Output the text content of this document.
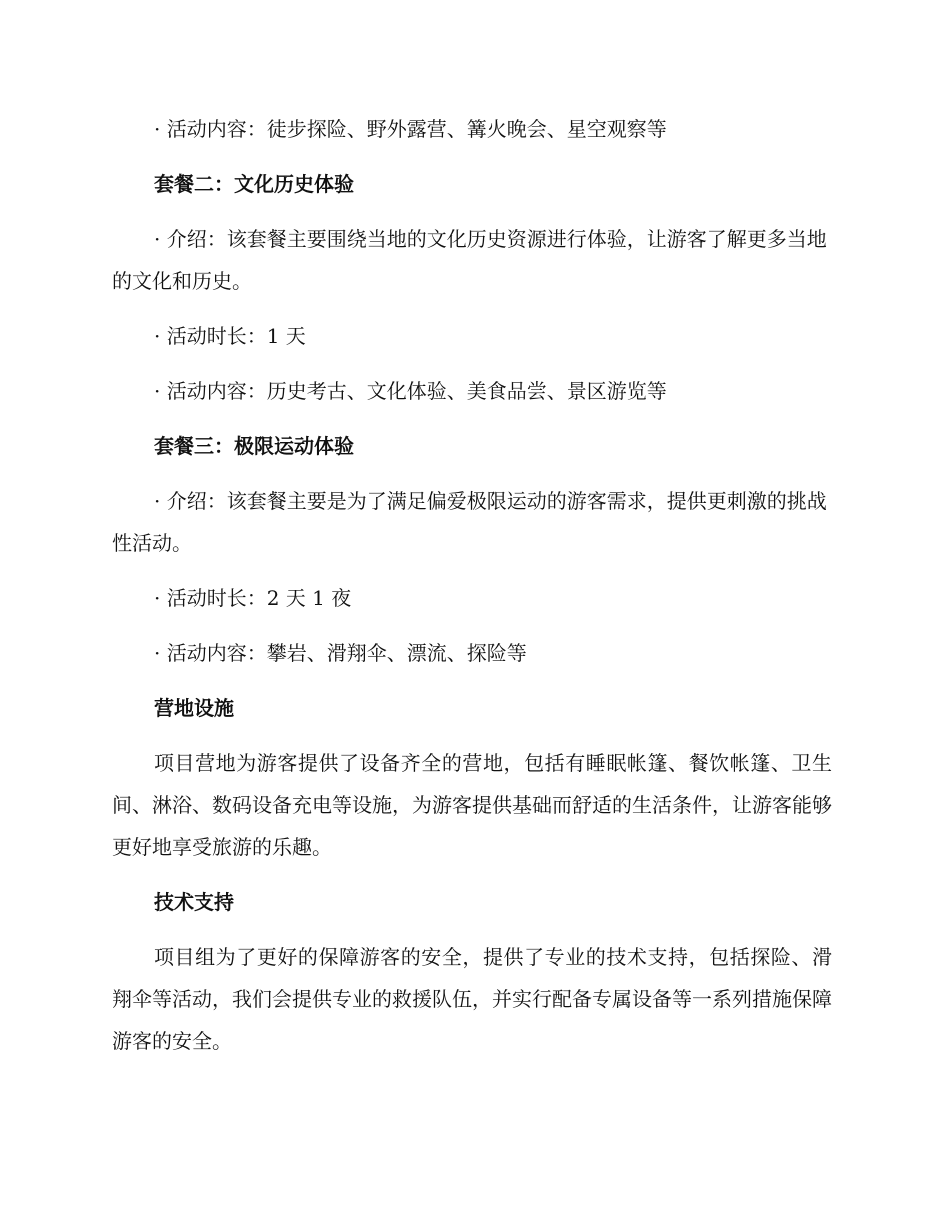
· 活动内容：徒步探险、野外露营、篝火晚会、星空观察等

套餐二：文化历史体验

· 介绍：该套餐主要围绕当地的文化历史资源进行体验，让游客了解更多当地的文化和历史。

· 活动时长：1 天

· 活动内容：历史考古、文化体验、美食品尝、景区游览等

套餐三：极限运动体验

· 介绍：该套餐主要是为了满足偏爱极限运动的游客需求，提供更刺激的挑战性活动。

· 活动时长：2 天 1 夜

· 活动内容：攀岩、滑翔伞、漂流、探险等

营地设施

项目营地为游客提供了设备齐全的营地，包括有睡眠帐篷、餐饮帐篷、卫生间、淋浴、数码设备充电等设施，为游客提供基础而舒适的生活条件，让游客能够更好地享受旅游的乐趣。

技术支持

项目组为了更好的保障游客的安全，提供了专业的技术支持，包括探险、滑翔伞等活动，我们会提供专业的救援队伍，并实行配备专属设备等一系列措施保障游客的安全。
